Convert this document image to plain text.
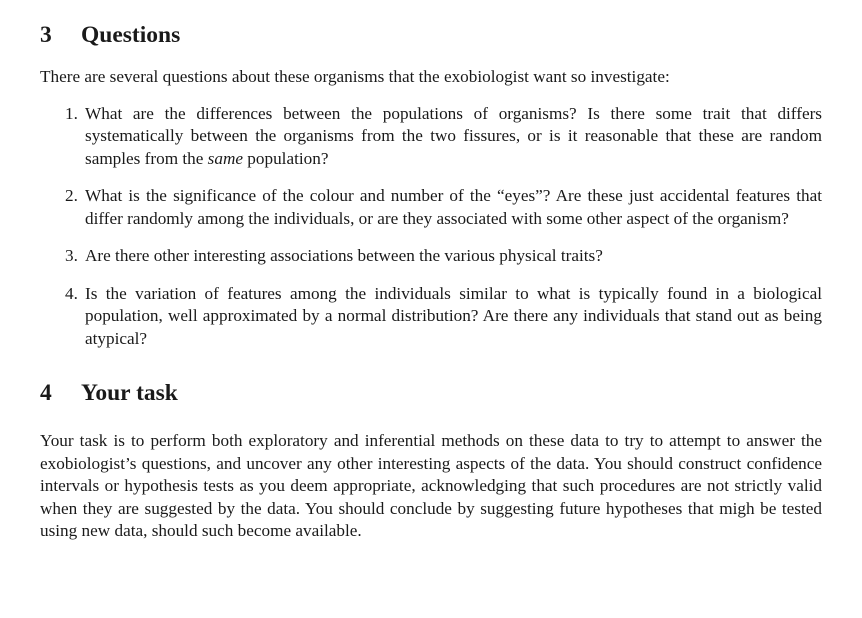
3	Questions

There are several questions about these organisms that the exobiologist want so investigate:

1. What are the differences between the populations of organisms? Is there some trait that differs systematically between the organisms from the two fissures, or is it reasonable that these are random samples from the same population?
2. What is the significance of the colour and number of the “eyes”? Are these just accidental features that differ randomly among the individuals, or are they associated with some other aspect of the organism?
3. Are there other interesting associations between the various physical traits?
4. Is the variation of features among the individuals similar to what is typically found in a biological population, well approximated by a normal distribution? Are there any individuals that stand out as being atypical?
4	Your task

Your task is to perform both exploratory and inferential methods on these data to try to attempt to answer the exobiologist’s questions, and uncover any other interesting aspects of the data. You should construct confidence intervals or hypothesis tests as you deem appropriate, acknowledging that such procedures are not strictly valid when they are suggested by the data. You should conclude by suggesting future hypotheses that migh be tested using new data, should such become available.
